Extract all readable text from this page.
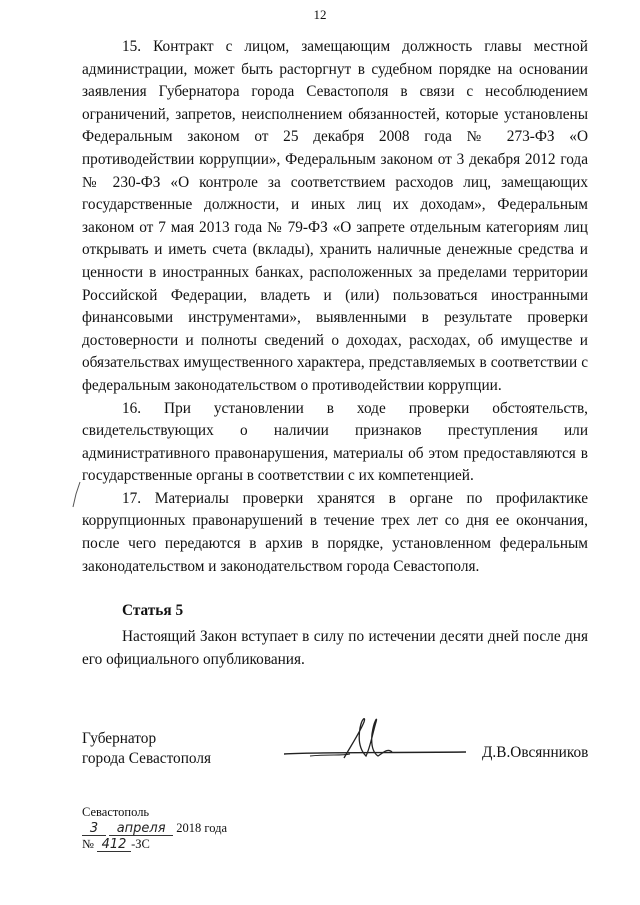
12

15. Контракт с лицом, замещающим должность главы местной администрации, может быть расторгнут в судебном порядке на основании заявления Губернатора города Севастополя в связи с несоблюдением ограничений, запретов, неисполнением обязанностей, которые установлены Федеральным законом от 25 декабря 2008 года № 273-ФЗ «О противодействии коррупции», Федеральным законом от 3 декабря 2012 года № 230-ФЗ «О контроле за соответствием расходов лиц, замещающих государственные должности, и иных лиц их доходам», Федеральным законом от 7 мая 2013 года № 79-ФЗ «О запрете отдельным категориям лиц открывать и иметь счета (вклады), хранить наличные денежные средства и ценности в иностранных банках, расположенных за пределами территории Российской Федерации, владеть и (или) пользоваться иностранными финансовыми инструментами», выявленными в результате проверки достоверности и полноты сведений о доходах, расходах, об имуществе и обязательствах имущественного характера, представляемых в соответствии с федеральным законодательством о противодействии коррупции.

16. При установлении в ходе проверки обстоятельств, свидетельствующих о наличии признаков преступления или административного правонарушения, материалы об этом предоставляются в государственные органы в соответствии с их компетенцией.

17. Материалы проверки хранятся в органе по профилактике коррупционных правонарушений в течение трех лет со дня ее окончания, после чего передаются в архив в порядке, установленном федеральным законодательством и законодательством города Севастополя.

Статья 5

Настоящий Закон вступает в силу по истечении десяти дней после дня его официального опубликования.

Губернатор
города Севастополя	Д.В.Овсянников
Севастополь
3 апреля 2018 года
№ 412 -ЗС
